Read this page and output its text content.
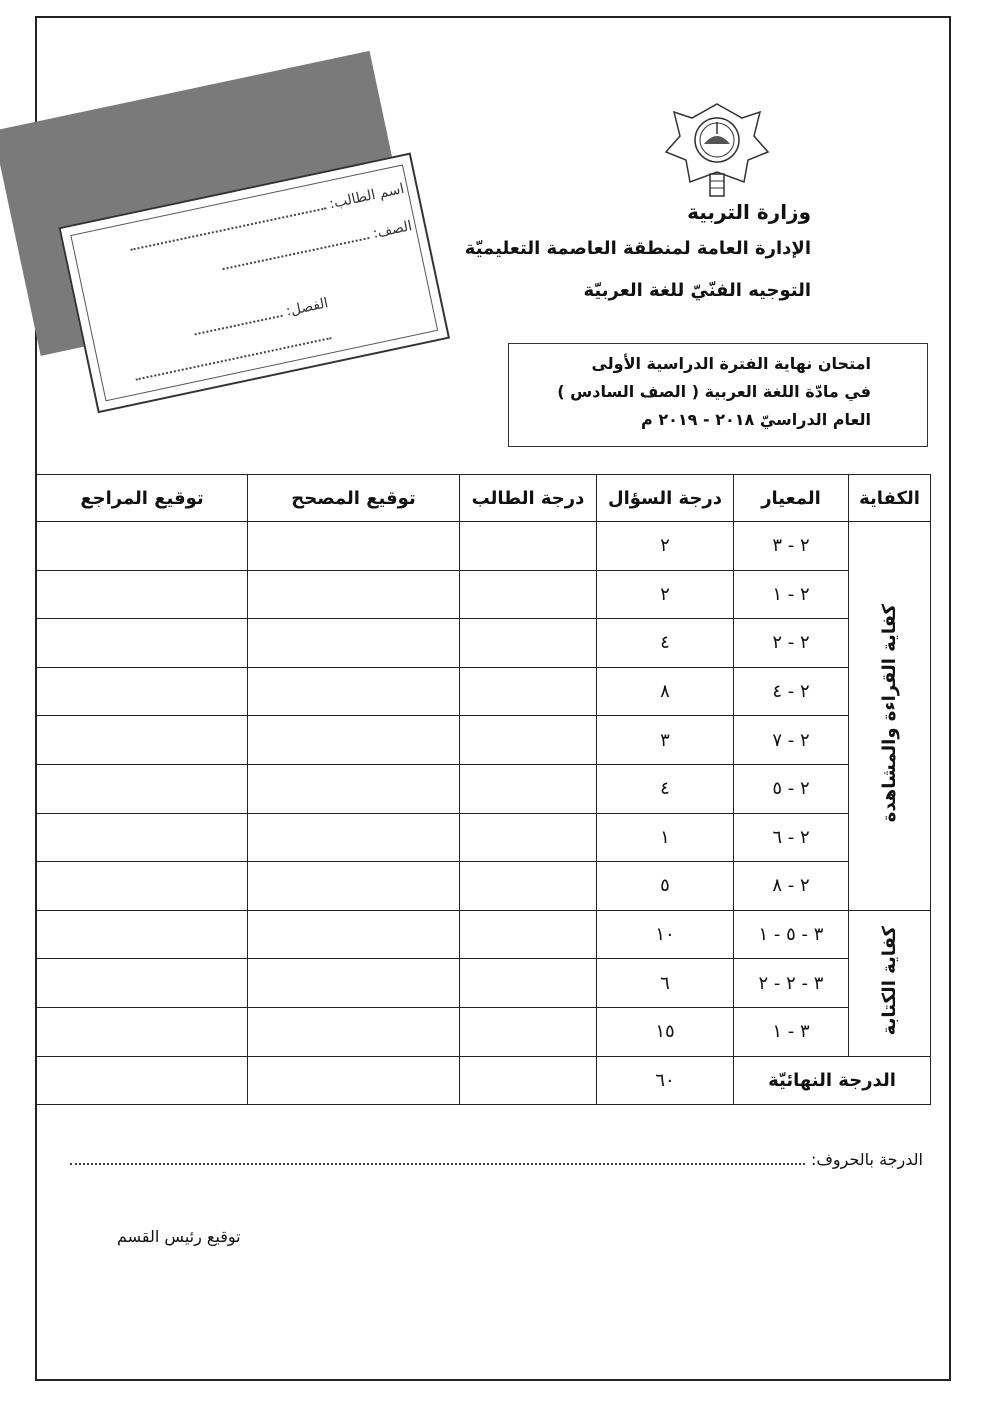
اسم الطالب:
الصف:
الفصل:
وزارة التربية
الإدارة العامة لمنطقة العاصمة التعليميّة
التوجيه الفنّيّ للغة العربيّة
امتحان نهاية الفترة الدراسية الأولى
في مادّة اللغة العربية ( الصف السادس )
العام الدراسيّ ٢٠١٨ - ٢٠١٩ م
الكفاية	المعيار	درجة السؤال	درجة الطالب	توقيع المصحح	توقيع المراجع
كفاية القراءة والمشاهدة	٢ - ٣	٢			
	٢ - ١	٢			
	٢ - ٢	٤			
	٢ - ٤	٨			
	٢ - ٧	٣			
	٢ - ٥	٤			
	٢ - ٦	١			
	٢ - ٨	٥			
كفاية الكتابة	٣ - ٥ - ١	١٠			
	٣ - ٢ - ٢	٦			
	٣ - ١	١٥			
الدرجة النهائيّة		٦٠			
الدرجة بالحروف:
توقيع رئيس القسم
